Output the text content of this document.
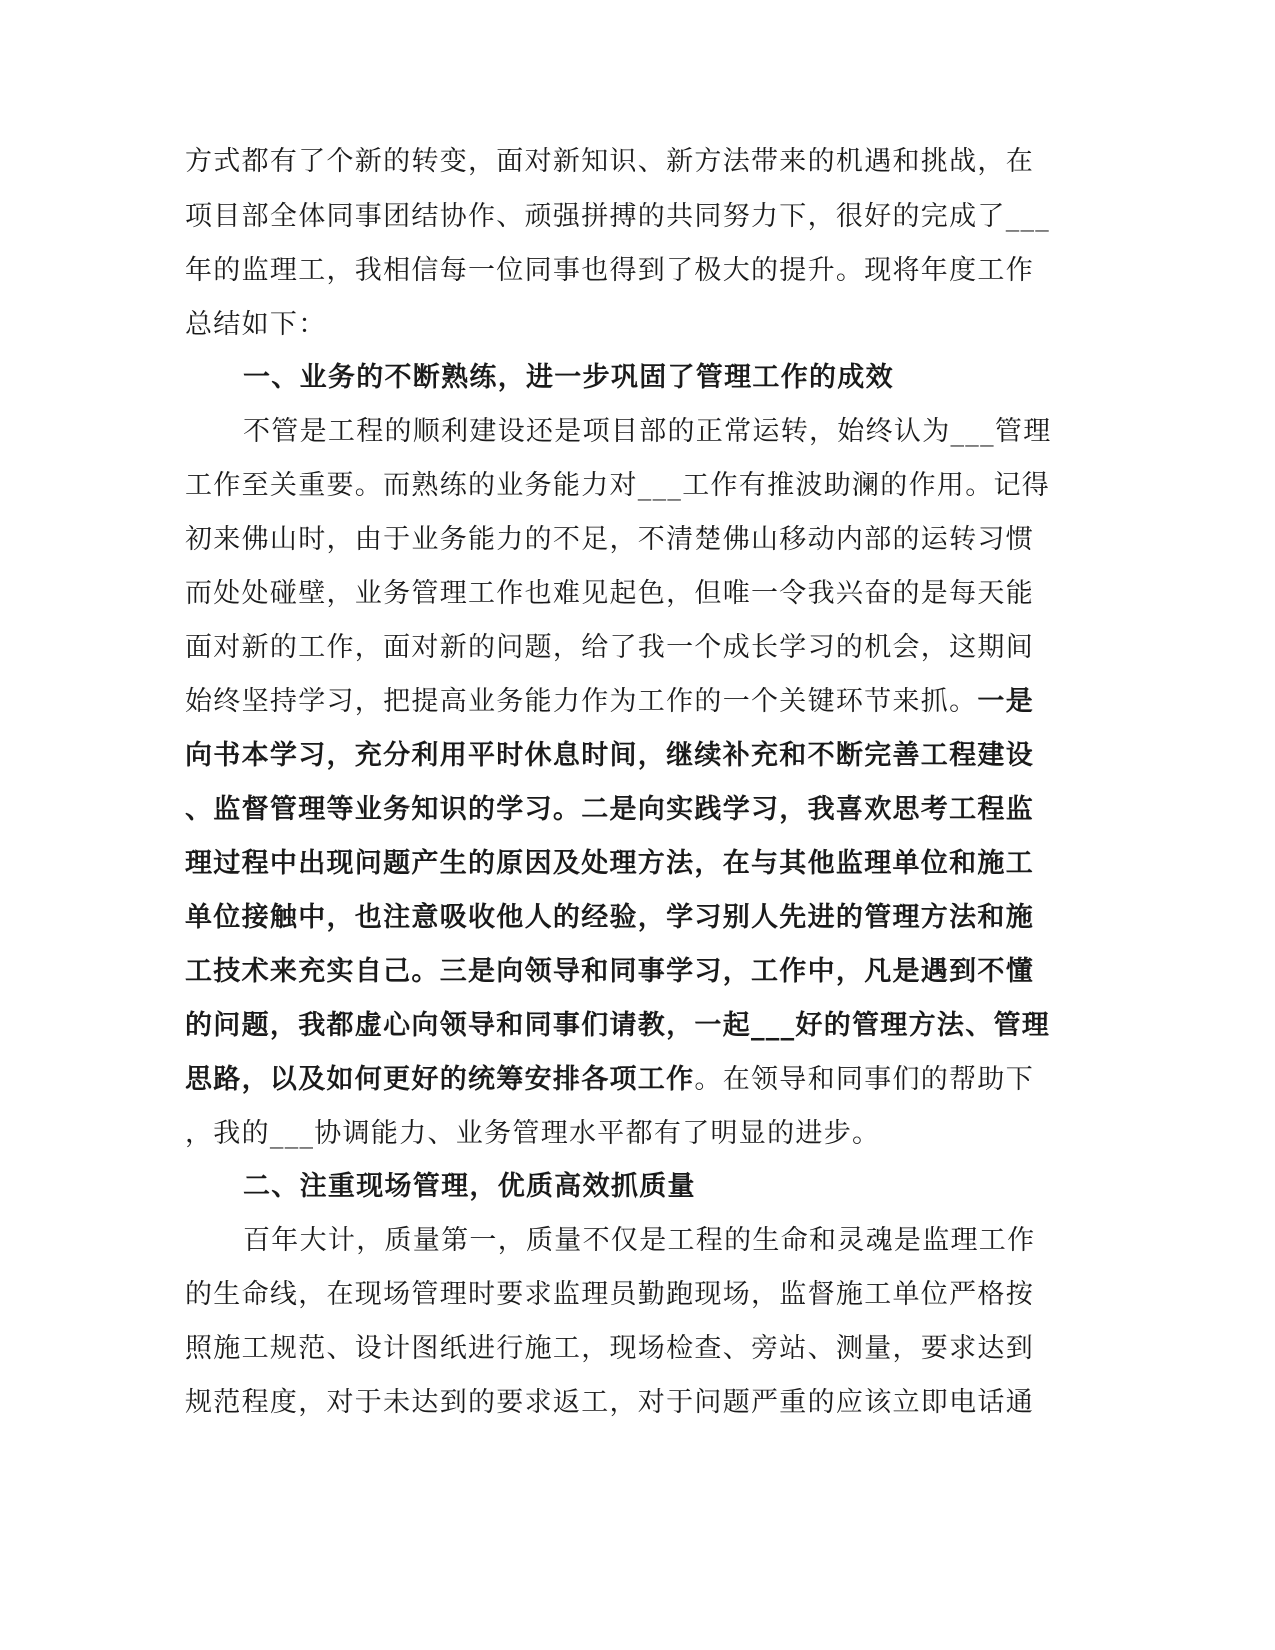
方式都有了个新的转变，面对新知识、新方法带来的机遇和挑战，在
项目部全体同事团结协作、顽强拼搏的共同努力下，很好的完成了___
年的监理工，我相信每一位同事也得到了极大的提升。现将年度工作
总结如下：
一、业务的不断熟练，进一步巩固了管理工作的成效
不管是工程的顺利建设还是项目部的正常运转，始终认为___管理
工作至关重要。而熟练的业务能力对___工作有推波助澜的作用。记得
初来佛山时，由于业务能力的不足，不清楚佛山移动内部的运转习惯
而处处碰壁，业务管理工作也难见起色，但唯一令我兴奋的是每天能
面对新的工作，面对新的问题，给了我一个成长学习的机会，这期间
始终坚持学习，把提高业务能力作为工作的一个关键环节来抓。一是
向书本学习，充分利用平时休息时间，继续补充和不断完善工程建设
、监督管理等业务知识的学习。二是向实践学习，我喜欢思考工程监
理过程中出现问题产生的原因及处理方法，在与其他监理单位和施工
单位接触中，也注意吸收他人的经验，学习别人先进的管理方法和施
工技术来充实自己。三是向领导和同事学习，工作中，凡是遇到不懂
的问题，我都虚心向领导和同事们请教，一起___好的管理方法、管理
思路，以及如何更好的统筹安排各项工作。在领导和同事们的帮助下
，我的___协调能力、业务管理水平都有了明显的进步。
二、注重现场管理，优质高效抓质量
百年大计，质量第一，质量不仅是工程的生命和灵魂是监理工作
的生命线，在现场管理时要求监理员勤跑现场，监督施工单位严格按
照施工规范、设计图纸进行施工，现场检查、旁站、测量，要求达到
规范程度，对于未达到的要求返工，对于问题严重的应该立即电话通
